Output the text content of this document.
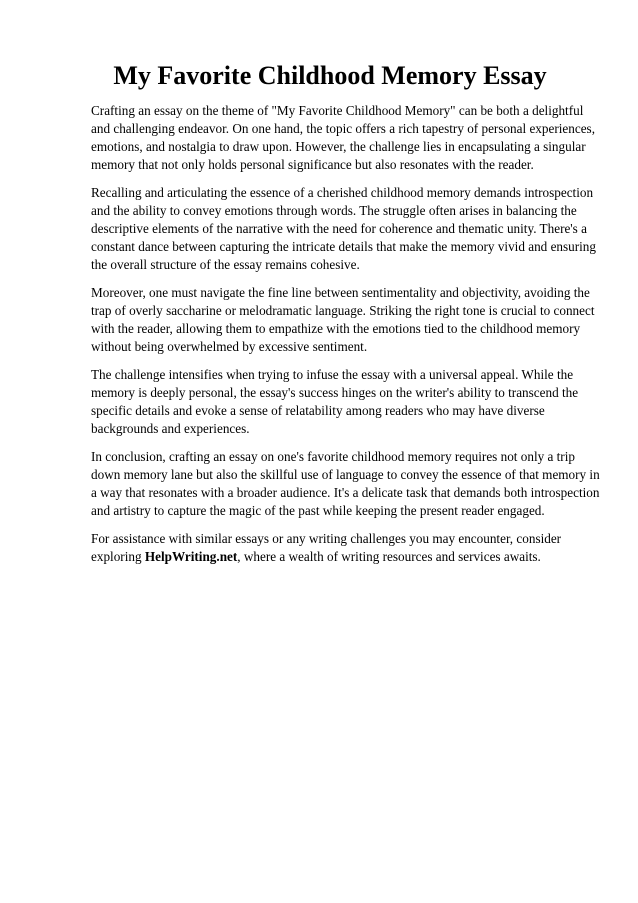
My Favorite Childhood Memory Essay

Crafting an essay on the theme of "My Favorite Childhood Memory" can be both a delightful and challenging endeavor. On one hand, the topic offers a rich tapestry of personal experiences, emotions, and nostalgia to draw upon. However, the challenge lies in encapsulating a singular memory that not only holds personal significance but also resonates with the reader.

Recalling and articulating the essence of a cherished childhood memory demands introspection and the ability to convey emotions through words. The struggle often arises in balancing the descriptive elements of the narrative with the need for coherence and thematic unity. There's a constant dance between capturing the intricate details that make the memory vivid and ensuring the overall structure of the essay remains cohesive.

Moreover, one must navigate the fine line between sentimentality and objectivity, avoiding the trap of overly saccharine or melodramatic language. Striking the right tone is crucial to connect with the reader, allowing them to empathize with the emotions tied to the childhood memory without being overwhelmed by excessive sentiment.

The challenge intensifies when trying to infuse the essay with a universal appeal. While the memory is deeply personal, the essay's success hinges on the writer's ability to transcend the specific details and evoke a sense of relatability among readers who may have diverse backgrounds and experiences.

In conclusion, crafting an essay on one's favorite childhood memory requires not only a trip down memory lane but also the skillful use of language to convey the essence of that memory in a way that resonates with a broader audience. It's a delicate task that demands both introspection and artistry to capture the magic of the past while keeping the present reader engaged.

For assistance with similar essays or any writing challenges you may encounter, consider exploring HelpWriting.net, where a wealth of writing resources and services awaits.
